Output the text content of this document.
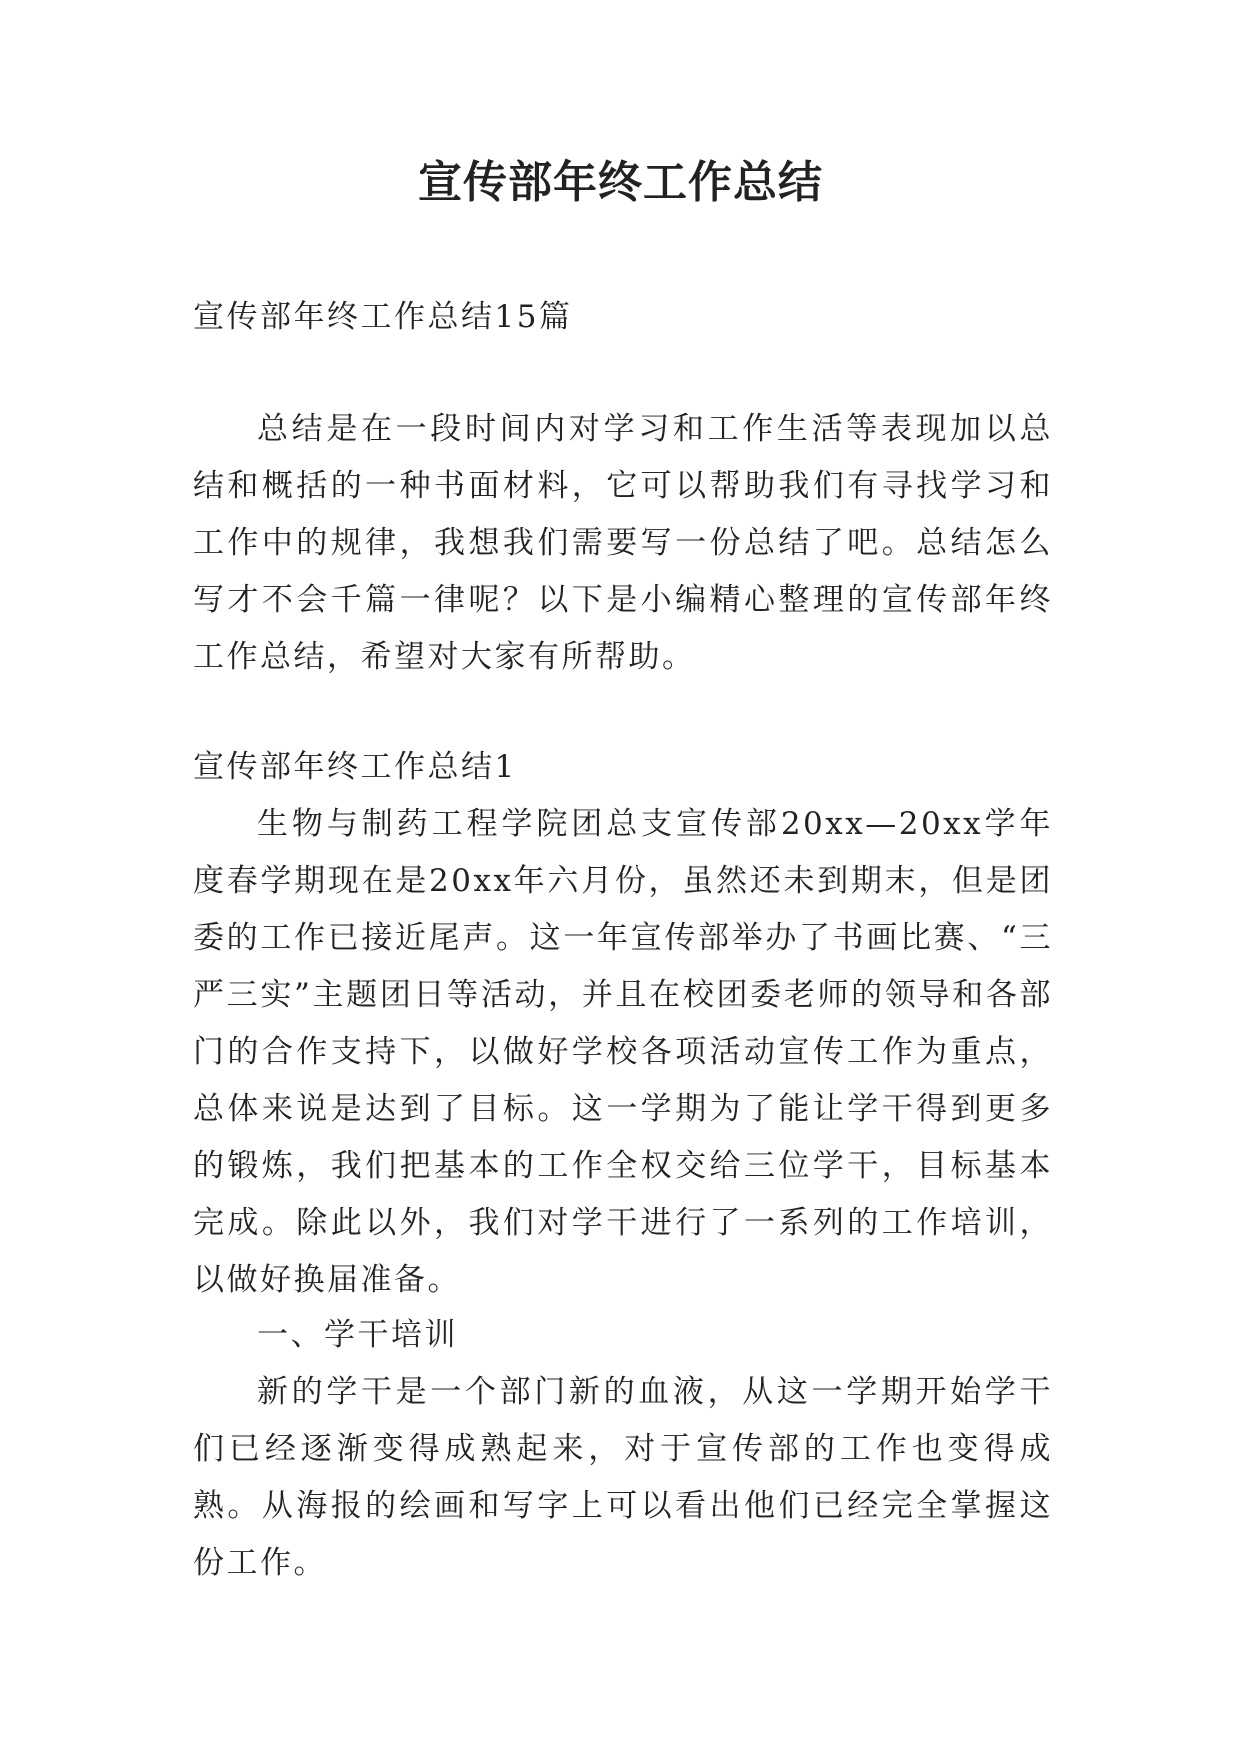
宣传部年终工作总结

宣传部年终工作总结15篇

总结是在一段时间内对学习和工作生活等表现加以总结和概括的一种书面材料，它可以帮助我们有寻找学习和工作中的规律，我想我们需要写一份总结了吧。总结怎么写才不会千篇一律呢？以下是小编精心整理的宣传部年终工作总结，希望对大家有所帮助。

宣传部年终工作总结1

生物与制药工程学院团总支宣传部20xx—20xx学年度春学期现在是20xx年六月份，虽然还未到期末，但是团委的工作已接近尾声。这一年宣传部举办了书画比赛、“三严三实”主题团日等活动，并且在校团委老师的领导和各部门的合作支持下，以做好学校各项活动宣传工作为重点，总体来说是达到了目标。这一学期为了能让学干得到更多的锻炼，我们把基本的工作全权交给三位学干，目标基本完成。除此以外，我们对学干进行了一系列的工作培训，以做好换届准备。

一、学干培训

新的学干是一个部门新的血液，从这一学期开始学干们已经逐渐变得成熟起来，对于宣传部的工作也变得成熟。从海报的绘画和写字上可以看出他们已经完全掌握这份工作。
